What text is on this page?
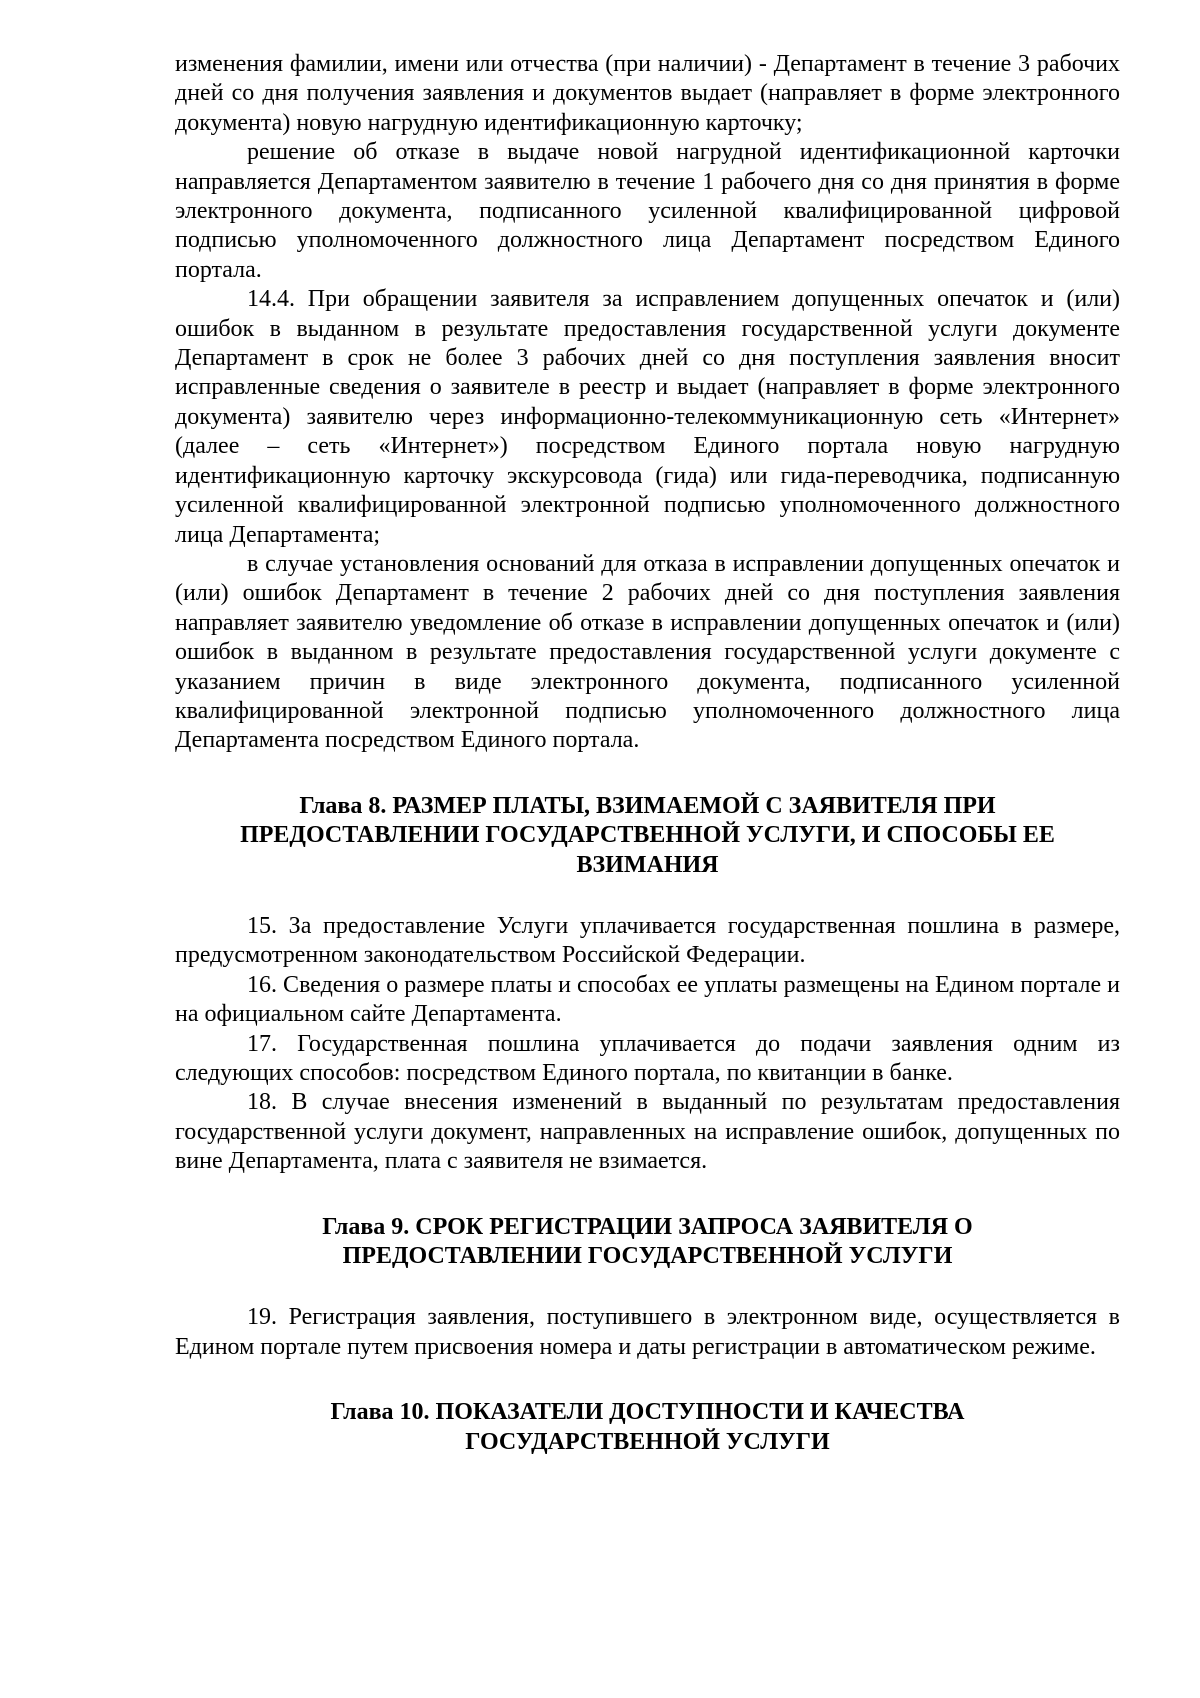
изменения фамилии, имени или отчества (при наличии) - Департамент в течение 3 рабочих дней со дня получения заявления и документов выдает (направляет в форме электронного документа) новую нагрудную идентификационную карточку;

решение об отказе в выдаче новой нагрудной идентификационной карточки направляется Департаментом заявителю в течение 1 рабочего дня со дня принятия в форме электронного документа, подписанного усиленной квалифицированной цифровой подписью уполномоченного должностного лица Департамент посредством Единого портала.

14.4. При обращении заявителя за исправлением допущенных опечаток и (или) ошибок в выданном в результате предоставления государственной услуги документе Департамент в срок не более 3 рабочих дней со дня поступления заявления вносит исправленные сведения о заявителе в реестр и выдает (направляет в форме электронного документа) заявителю через информационно-телекоммуникационную сеть «Интернет» (далее – сеть «Интернет») посредством Единого портала новую нагрудную идентификационную карточку экскурсовода (гида) или гида-переводчика, подписанную усиленной квалифицированной электронной подписью уполномоченного должностного лица Департамента;

в случае установления оснований для отказа в исправлении допущенных опечаток и (или) ошибок Департамент в течение 2 рабочих дней со дня поступления заявления направляет заявителю уведомление об отказе в исправлении допущенных опечаток и (или) ошибок в выданном в результате предоставления государственной услуги документе с указанием причин в виде электронного документа, подписанного усиленной квалифицированной электронной подписью уполномоченного должностного лица Департамента посредством Единого портала.

Глава 8. РАЗМЕР ПЛАТЫ, ВЗИМАЕМОЙ С ЗАЯВИТЕЛЯ ПРИ
ПРЕДОСТАВЛЕНИИ ГОСУДАРСТВЕННОЙ УСЛУГИ, И СПОСОБЫ ЕЕ
ВЗИМАНИЯ

15. За предоставление Услуги уплачивается государственная пошлина в размере, предусмотренном законодательством Российской Федерации.

16. Сведения о размере платы и способах ее уплаты размещены на Едином портале и на официальном сайте Департамента.

17. Государственная пошлина уплачивается до подачи заявления одним из следующих способов: посредством Единого портала, по квитанции в банке.

18. В случае внесения изменений в выданный по результатам предоставления государственной услуги документ, направленных на исправление ошибок, допущенных по вине Департамента, плата с заявителя не взимается.

Глава 9. СРОК РЕГИСТРАЦИИ ЗАПРОСА ЗАЯВИТЕЛЯ О
ПРЕДОСТАВЛЕНИИ ГОСУДАРСТВЕННОЙ УСЛУГИ

19. Регистрация заявления, поступившего в электронном виде, осуществляется в Едином портале путем присвоения номера и даты регистрации в автоматическом режиме.

Глава 10. ПОКАЗАТЕЛИ ДОСТУПНОСТИ И КАЧЕСТВА
ГОСУДАРСТВЕННОЙ УСЛУГИ
